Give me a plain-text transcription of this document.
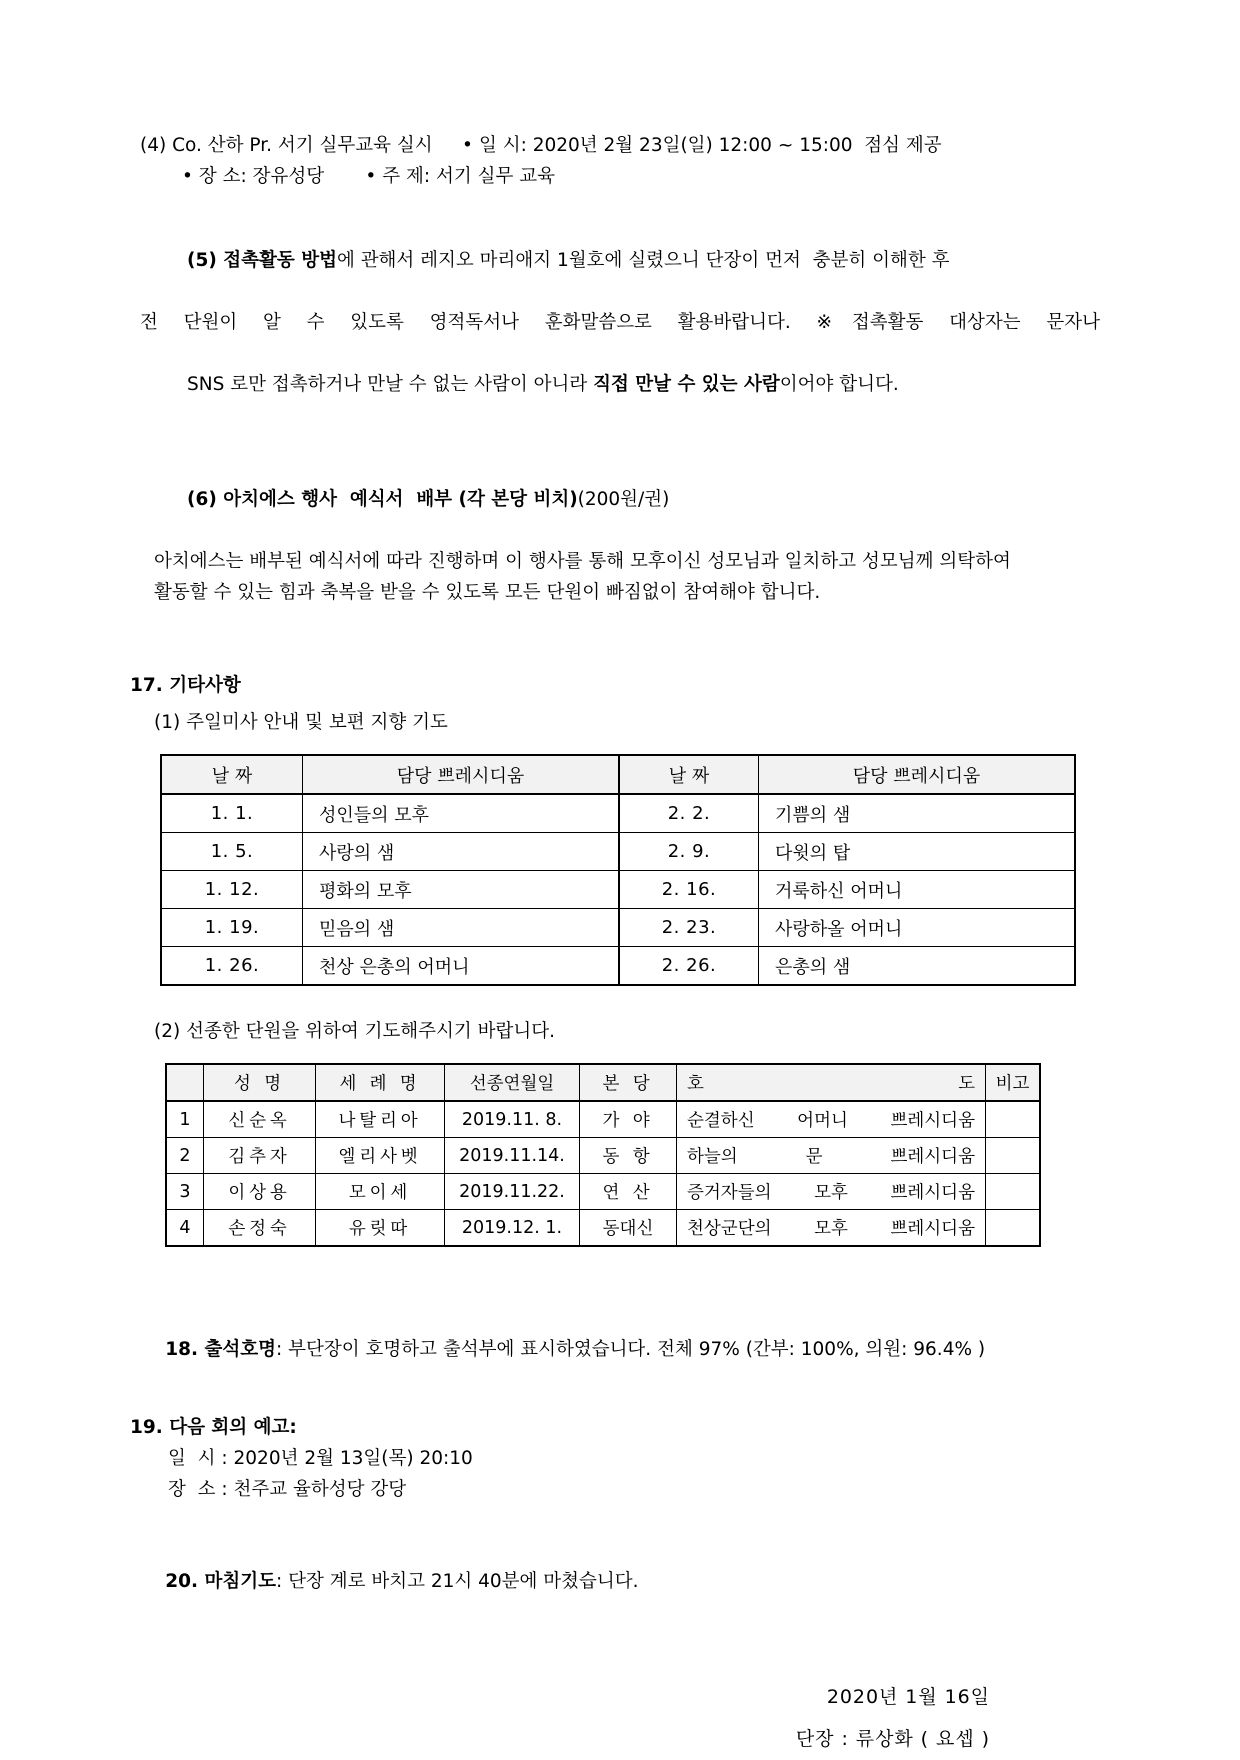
(4) Co. 산하 Pr. 서기 실무교육 실시
	• 일 시: 2020년 2월 23일(일) 12:00 ~ 15:00  점심 제공
• 장 소: 장유성당
	• 주 제: 서기 실무 교육

(5) 접촉활동 방법에 관해서 레지오 마리애지 1월호에 실렸으니 단장이 먼저  충분히 이해한 후

전 단원이 알 수 있도록 영적독서나 훈화말씀으로 활용바랍니다. ※접촉활동 대상자는 문자나

SNS 로만 접촉하거나 만날 수 없는 사람이 아니라 직접 만날 수 있는 사람이어야 합니다.

(6) 아치에스 행사  예식서  배부 (각 본당 비치)(200원/권)

아치에스는 배부된 예식서에 따라 진행하며 이 행사를 통해 모후이신 성모님과 일치하고 성모님께 의탁하여
활동할 수 있는 힘과 축복을 받을 수 있도록 모든 단원이 빠짐없이 참여해야 합니다.
17. 기타사항
(1) 주일미사 안내 및 보편 지향 기도
날 짜	담당 쁘레시디움	날 짜	담당 쁘레시디움
1. 1.	성인들의 모후	2. 2.	기쁨의 샘
1. 5.	사랑의 샘	2. 9.	다윗의 탑
1. 12.	평화의 모후	2. 16.	거룩하신 어머니
1. 19.	믿음의 샘	2. 23.	사랑하올 어머니
1. 26.	천상 은총의 어머니	2. 26.	은총의 샘
(2) 선종한 단원을 위하여 기도해주시기 바랍니다.
	성 명	세 례 명	선종연월일	본 당	호 도	비고
1	신순옥	나탈리아	2019.11. 8.	가 야	순결하신 어머니 쁘레시디움	

2	김추자	엘리사벳	2019.11.14.	동 항	하늘의 문 쁘레시디움	

3	이상용	모이세	2019.11.22.	연 산	증거자들의 모후 쁘레시디움	

4	손정숙	유릿따	2019.12. 1.	동대신	천상군단의 모후 쁘레시디움	

18. 출석호명: 부단장이 호명하고 출석부에 표시하였습니다. 전체 97% (간부: 100%, 의원: 96.4% )

19. 다음 회의 예고:
일  시 :
2020년 2월 13일(목) 20:10
장  소 :
천주교 율하성당 강당

20. 마침기도: 단장 계로 바치고 21시 40분에 마쳤습니다.

2020년 1월 16일
단장 : 류상화 ( 요셉 )
